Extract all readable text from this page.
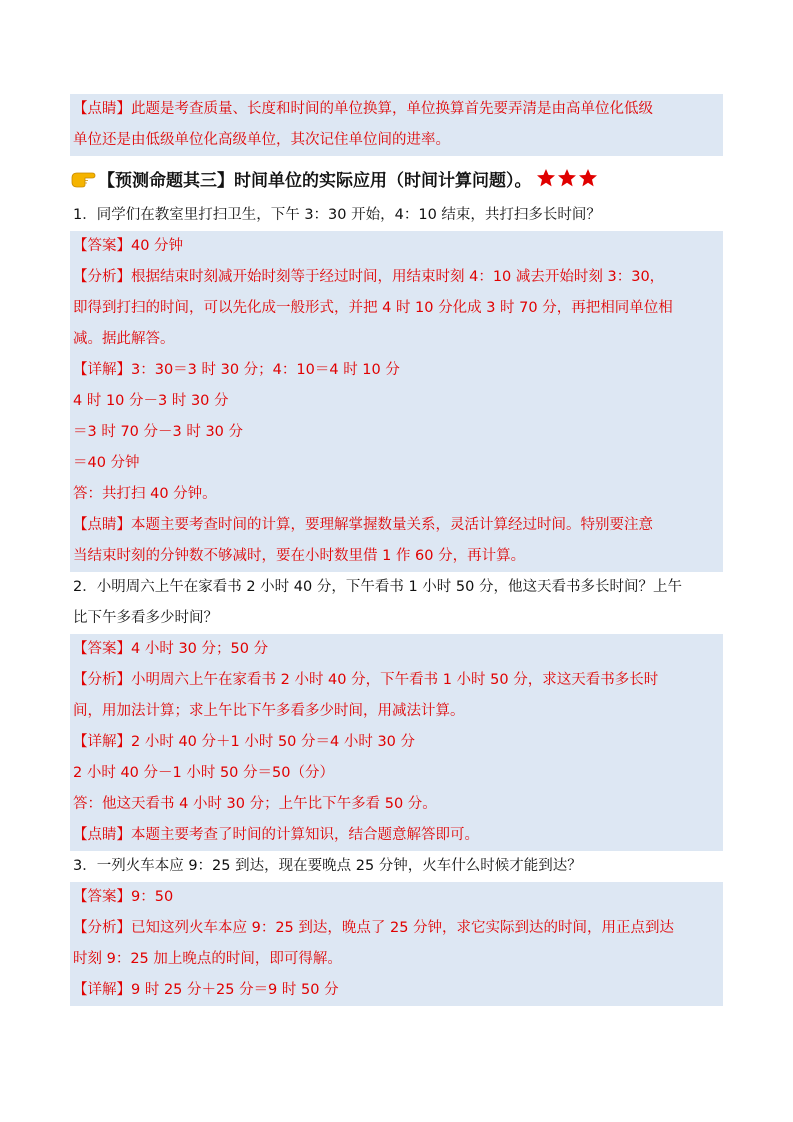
【点睛】此题是考查质量、长度和时间的单位换算，单位换算首先要弄清是由高单位化低级
单位还是由低级单位化高级单位，其次记住单位间的进率。
【预测命题其三】时间单位的实际应用（时间计算问题）。
1．同学们在教室里打扫卫生，下午 3：30 开始，4：10 结束，共打扫多长时间？
【答案】40 分钟
【分析】根据结束时刻减开始时刻等于经过时间，用结束时刻 4：10 减去开始时刻 3：30，
即得到打扫的时间，可以先化成一般形式，并把 4 时 10 分化成 3 时 70 分，再把相同单位相
减。据此解答。
【详解】3：30＝3 时 30 分；4：10＝4 时 10 分
4 时 10 分－3 时 30 分
＝3 时 70 分－3 时 30 分
＝40 分钟
答：共打扫 40 分钟。
【点睛】本题主要考查时间的计算，要理解掌握数量关系，灵活计算经过时间。特别要注意
当结束时刻的分钟数不够减时，要在小时数里借 1 作 60 分，再计算。
2．小明周六上午在家看书 2 小时 40 分，下午看书 1 小时 50 分，他这天看书多长时间？上午
比下午多看多少时间？
【答案】4 小时 30 分；50 分
【分析】小明周六上午在家看书 2 小时 40 分，下午看书 1 小时 50 分，求这天看书多长时
间，用加法计算；求上午比下午多看多少时间，用减法计算。
【详解】2 小时 40 分＋1 小时 50 分＝4 小时 30 分
2 小时 40 分－1 小时 50 分＝50（分）
答：他这天看书 4 小时 30 分；上午比下午多看 50 分。
【点睛】本题主要考查了时间的计算知识，结合题意解答即可。
3．一列火车本应 9：25 到达，现在要晚点 25 分钟，火车什么时候才能到达？
【答案】9：50
【分析】已知这列火车本应 9：25 到达，晚点了 25 分钟，求它实际到达的时间，用正点到达
时刻 9：25 加上晚点的时间，即可得解。
【详解】9 时 25 分＋25 分＝9 时 50 分
